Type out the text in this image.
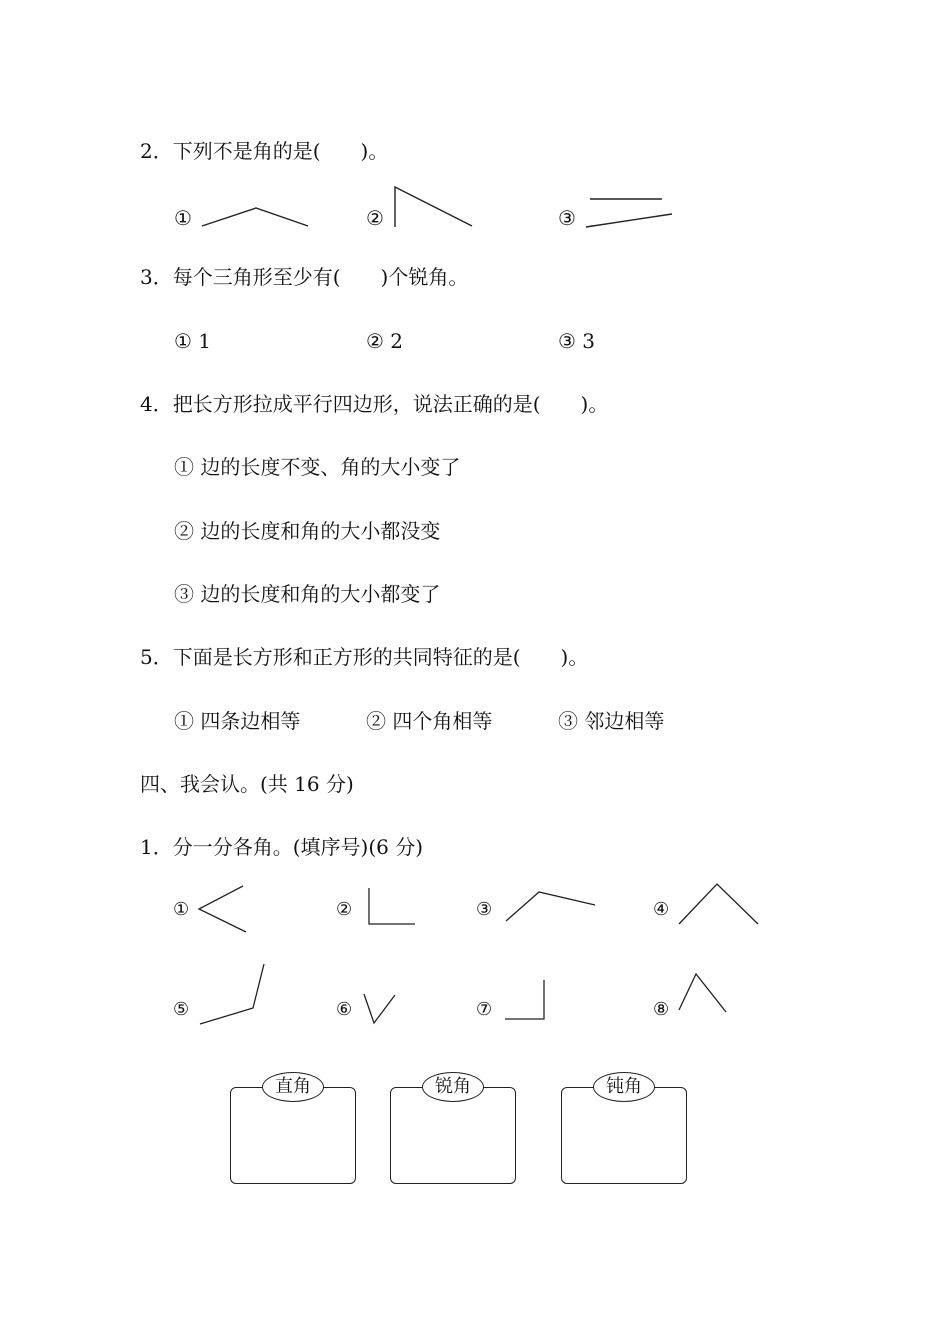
2．下列不是角的是(　　)。
①	②	③
3．每个三角形至少有(　　)个锐角。
① 1	② 2	③ 3
4．把长方形拉成平行四边形，说法正确的是(　　)。
① 边的长度不变、角的大小变了
② 边的长度和角的大小都没变
③ 边的长度和角的大小都变了
5．下面是长方形和正方形的共同特征的是(　　)。
① 四条边相等	② 四个角相等	③ 邻边相等
四、我会认。(共 16 分)
1．分一分各角。(填序号)(6 分)
①	②	③	④
⑤	⑥	⑦	⑧
直角	锐角	钝角
